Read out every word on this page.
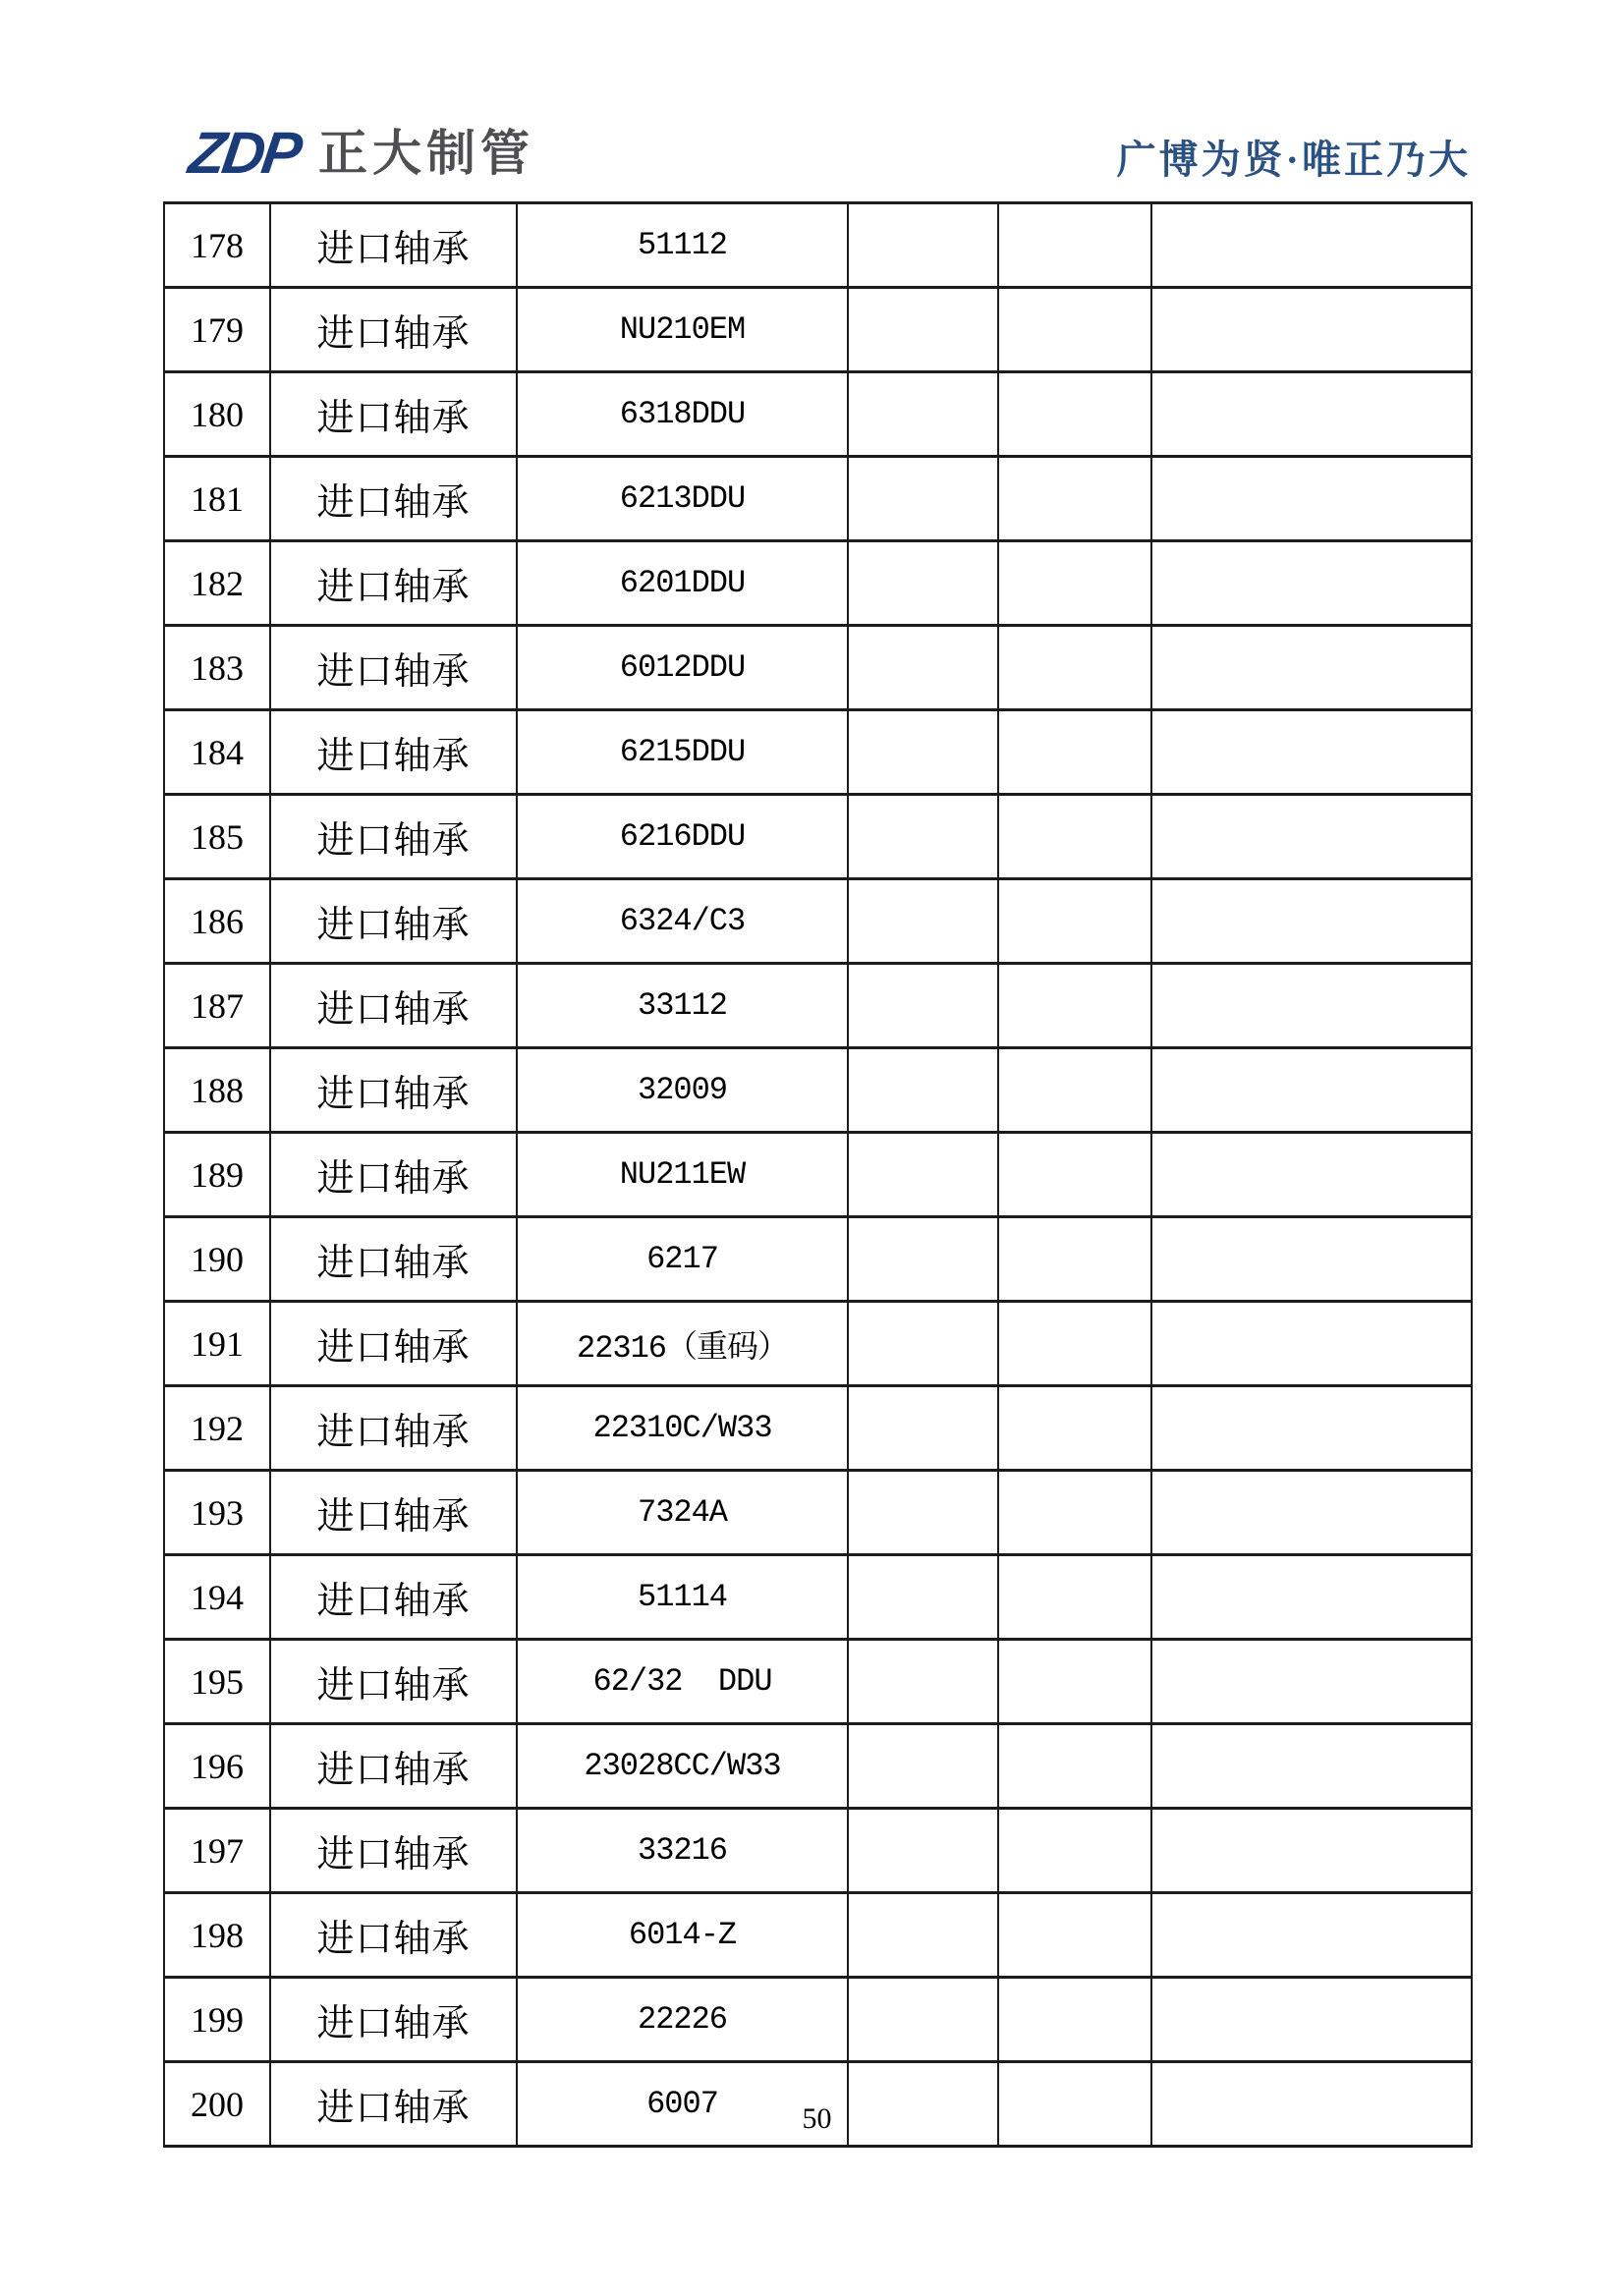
ZDP 正大制管	广博为贤·唯正乃大
178	进口轴承	51112			
179	进口轴承	NU210EM			
180	进口轴承	6318DDU			
181	进口轴承	6213DDU			
182	进口轴承	6201DDU			
183	进口轴承	6012DDU			
184	进口轴承	6215DDU			
185	进口轴承	6216DDU			
186	进口轴承	6324/C3			
187	进口轴承	33112			
188	进口轴承	32009			
189	进口轴承	NU211EW			
190	进口轴承	6217			
191	进口轴承	22316（重码）			
192	进口轴承	22310C/W33			
193	进口轴承	7324A			
194	进口轴承	51114			
195	进口轴承	62/32  DDU			
196	进口轴承	23028CC/W33			
197	进口轴承	33216			
198	进口轴承	6014-Z			
199	进口轴承	22226			
200	进口轴承	6007				50
